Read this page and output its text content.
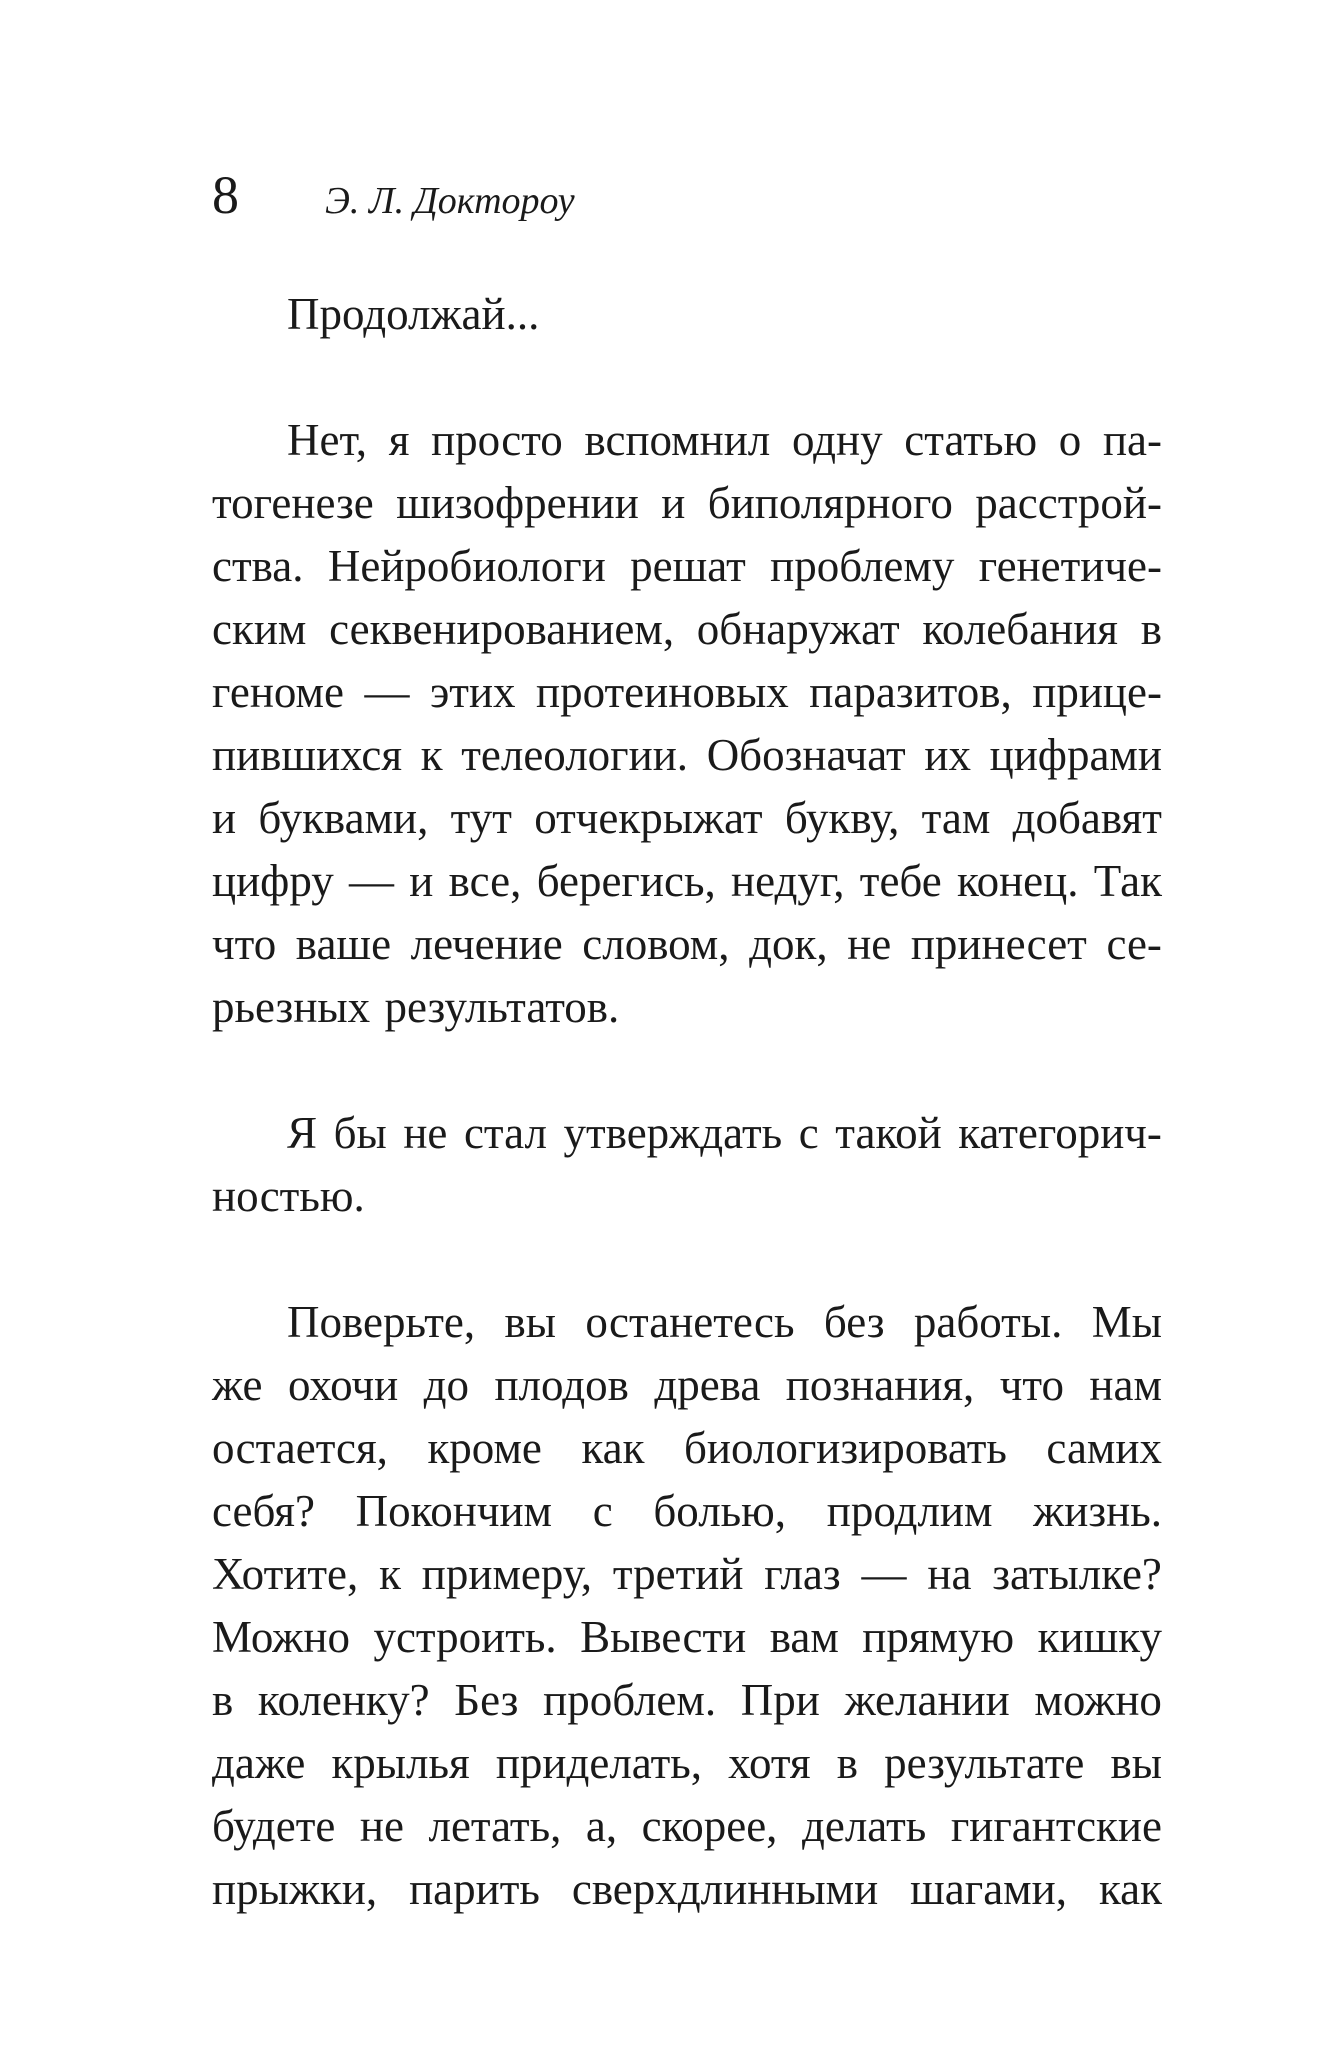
8 Э. Л. Доктороу
Продолжай...
Нет, я просто вспомнил одну статью о па-
тогенезе шизофрении и биполярного расстрой-
ства. Нейробиологи решат проблему генетиче-
ским секвенированием, обнаружат колебания в
геноме — этих протеиновых паразитов, прице-
пившихся к телеологии. Обозначат их цифрами
и буквами, тут отчекрыжат букву, там добавят
цифру — и все, берегись, недуг, тебе конец. Так
что ваше лечение словом, док, не принесет се-
рьезных результатов.
Я бы не стал утверждать с такой категорич-
ностью.
Поверьте, вы останетесь без работы. Мы
же охочи до плодов древа познания, что нам
остается, кроме как биологизировать самих
себя? Покончим с болью, продлим жизнь.
Хотите, к примеру, третий глаз — на затылке?
Можно устроить. Вывести вам прямую кишку
в коленку? Без проблем. При желании можно
даже крылья приделать, хотя в результате вы
будете не летать, а, скорее, делать гигантские
прыжки, парить сверхдлинными шагами, как
